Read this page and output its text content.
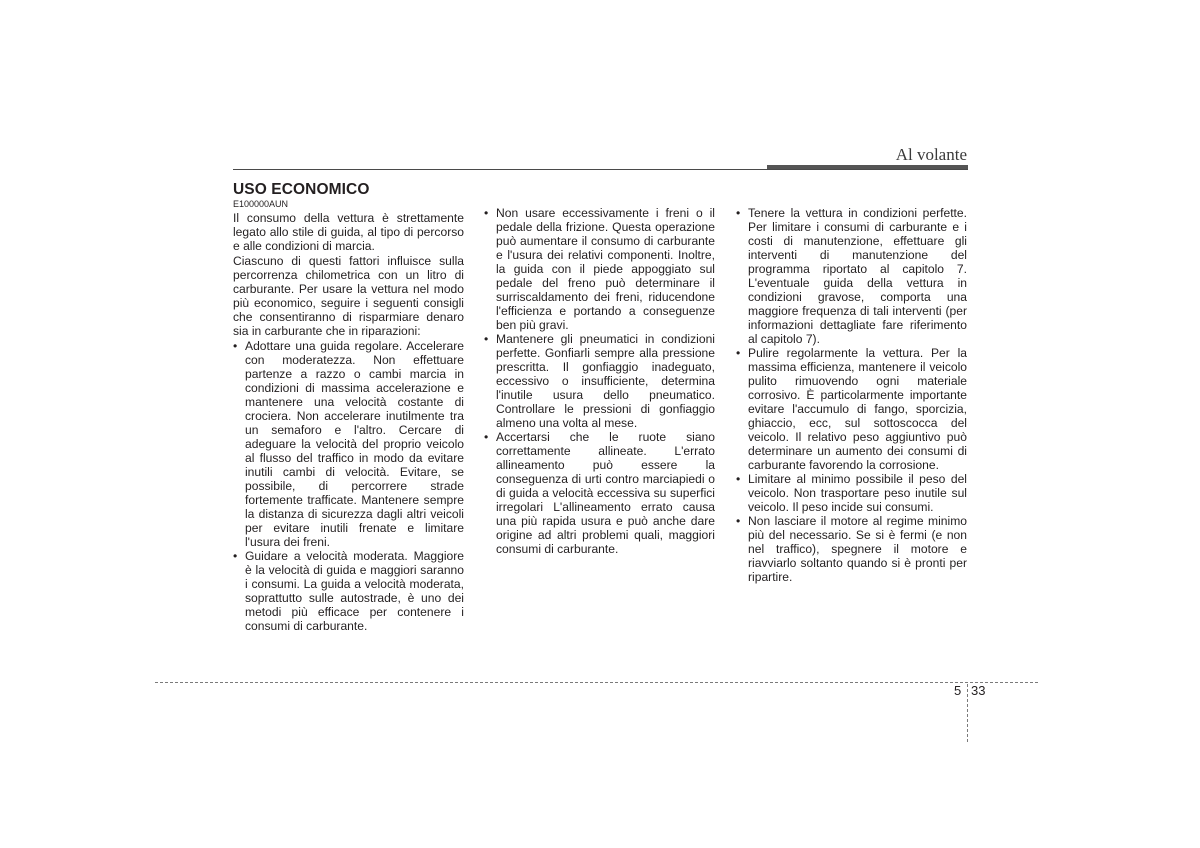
Al volante

USO ECONOMICO

E100000AUN

Il consumo della vettura è strettamente legato allo stile di guida, al tipo di percorso e alle condizioni di marcia.

Ciascuno di questi fattori influisce sulla percorrenza chilometrica con un litro di carburante. Per usare la vettura nel modo più economico, seguire i seguenti consigli che consentiranno di risparmiare denaro sia in carburante che in riparazioni:

• Adottare una guida regolare. Accelerare con moderatezza. Non effettuare partenze a razzo o cambi marcia in condizioni di massima accelerazione e mantenere una velocità costante di crociera. Non accelerare inutilmente tra un semaforo e l'altro. Cercare di adeguare la velocità del proprio veicolo al flusso del traffico in modo da evitare inutili cambi di velocità. Evitare, se possibile, di percorrere strade fortemente trafficate. Mantenere sempre la distanza di sicurezza dagli altri veicoli per evitare inutili frenate e limitare l'usura dei freni.
• Guidare a velocità moderata. Maggiore è la velocità di guida e maggiori saranno i consumi. La guida a velocità moderata, soprattutto sulle autostrade, è uno dei metodi più efficace per contenere i consumi di carburante.
• Non usare eccessivamente i freni o il pedale della frizione. Questa operazione può aumentare il consumo di carburante e l'usura dei relativi componenti. Inoltre, la guida con il piede appoggiato sul pedale del freno può determinare il surriscaldamento dei freni, riducendone l'efficienza e portando a conseguenze ben più gravi.
• Mantenere gli pneumatici in condizioni perfette. Gonfiarli sempre alla pressione prescritta. Il gonfiaggio inadeguato, eccessivo o insufficiente, determina l'inutile usura dello pneumatico. Controllare le pressioni di gonfiaggio almeno una volta al mese.
• Accertarsi che le ruote siano correttamente allineate. L'errato allineamento può essere la conseguenza di urti contro marciapiedi o di guida a velocità eccessiva su superfici irregolari L'allineamento errato causa una più rapida usura e può anche dare origine ad altri problemi quali, maggiori consumi di carburante.
• Tenere la vettura in condizioni perfette. Per limitare i consumi di carburante e i costi di manutenzione, effettuare gli interventi di manutenzione del programma riportato al capitolo 7. L'eventuale guida della vettura in condizioni gravose, comporta una maggiore frequenza di tali interventi (per informazioni dettagliate fare riferimento al capitolo 7).
• Pulire regolarmente la vettura. Per la massima efficienza, mantenere il veicolo pulito rimuovendo ogni materiale corrosivo. È particolarmente importante evitare l'accumulo di fango, sporcizia, ghiaccio, ecc, sul sottoscocca del veicolo. Il relativo peso aggiuntivo può determinare un aumento dei consumi di carburante favorendo la corrosione.
• Limitare al minimo possibile il peso del veicolo. Non trasportare peso inutile sul veicolo. Il peso incide sui consumi.
• Non lasciare il motore al regime minimo più del necessario. Se si è fermi (e non nel traffico), spegnere il motore e riavviarlo soltanto quando si è pronti per ripartire.
5 33
